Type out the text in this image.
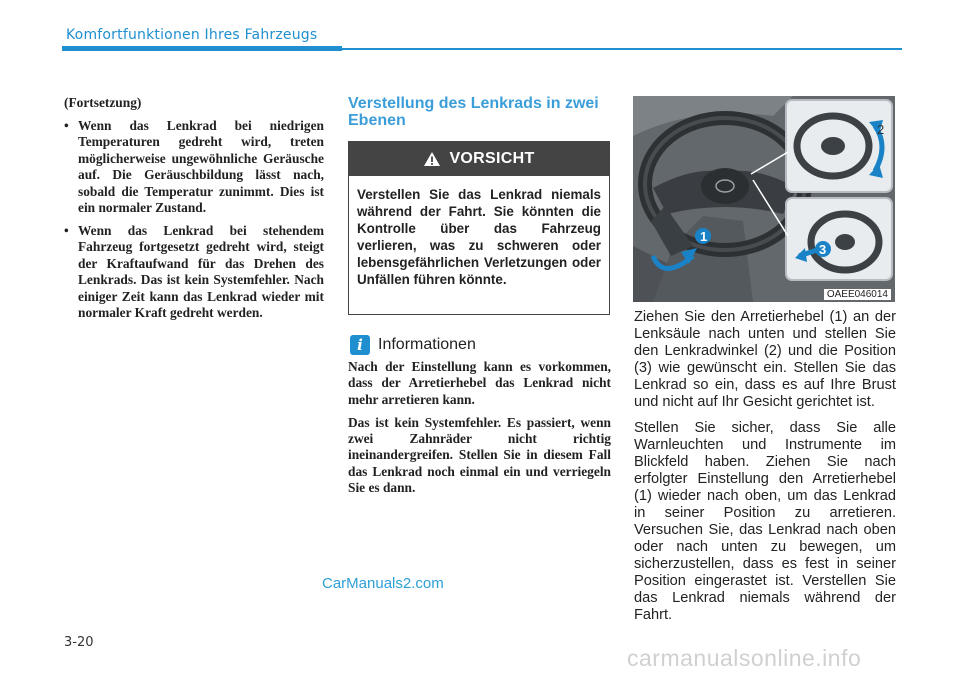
Komfortfunktionen Ihres Fahrzeugs

(Fortsetzung)

• Wenn das Lenkrad bei niedrigen Temperaturen gedreht wird, treten möglicherweise ungewöhnliche Geräusche auf. Die Geräuschbildung lässt nach, sobald die Temperatur zunimmt. Dies ist ein normaler Zustand.
• Wenn das Lenkrad bei stehendem Fahrzeug fortgesetzt gedreht wird, steigt der Kraftaufwand für das Drehen des Lenkrads. Das ist kein Systemfehler. Nach einiger Zeit kann das Lenkrad wieder mit normaler Kraft gedreht werden.
Verstellung des Lenkrads in zwei Ebenen
VORSICHT
Verstellen Sie das Lenkrad niemals während der Fahrt. Sie könnten die Kontrolle über das Fahrzeug verlieren, was zu schweren oder lebensgefährlichen Verletzungen oder Unfällen führen könnte.
i Informationen

Nach der Einstellung kann es vorkommen, dass der Arretierhebel das Lenkrad nicht mehr arretieren kann.

Das ist kein Systemfehler. Es passiert, wenn zwei Zahnräder nicht richtig ineinandergreifen. Stellen Sie in diesem Fall das Lenkrad noch einmal ein und verriegeln Sie es dann.

1
2
3
OAEE046014

Ziehen Sie den Arretierhebel (1) an der Lenksäule nach unten und stellen Sie den Lenkradwinkel (2) und die Position (3) wie gewünscht ein. Stellen Sie das Lenkrad so ein, dass es auf Ihre Brust und nicht auf Ihr Gesicht gerichtet ist.

Stellen Sie sicher, dass Sie alle Warnleuchten und Instrumente im Blickfeld haben. Ziehen Sie nach erfolgter Einstellung den Arretierhebel (1) wieder nach oben, um das Lenkrad in seiner Position zu arretieren. Versuchen Sie, das Lenkrad nach oben oder nach unten zu bewegen, um sicherzustellen, dass es fest in seiner Position eingerastet ist. Verstellen Sie das Lenkrad niemals während der Fahrt.

CarManuals2.com
3-20
carmanualsonline.info
